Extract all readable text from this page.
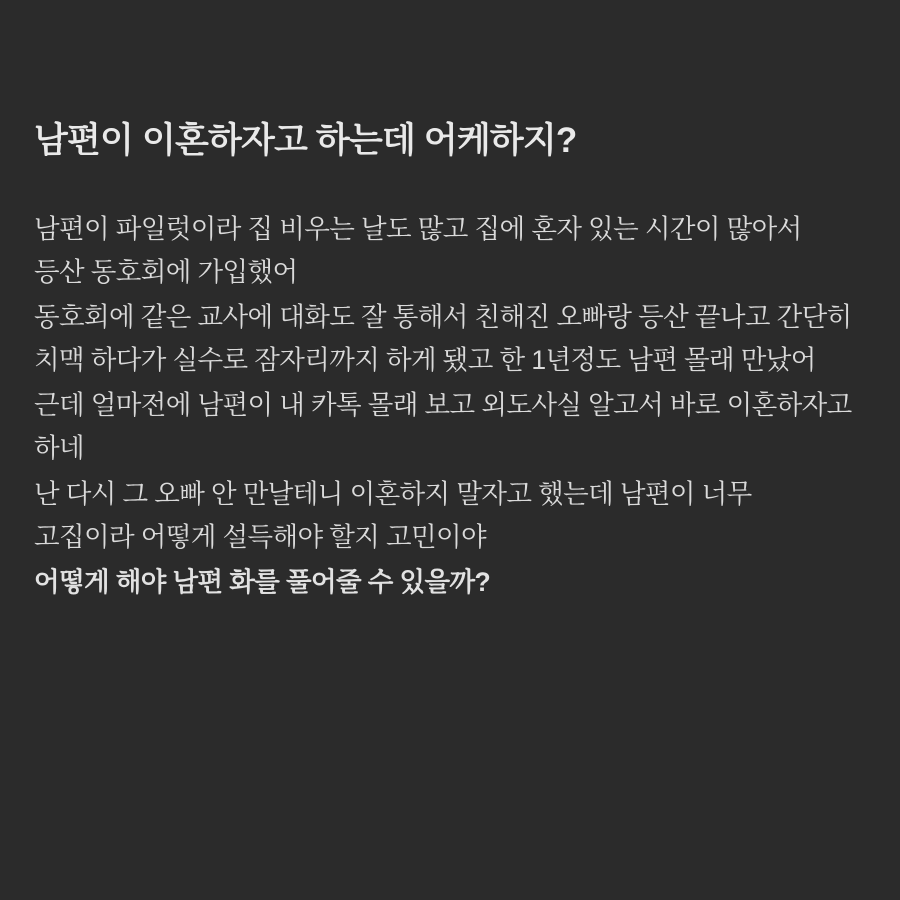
남편이 이혼하자고 하는데 어케하지?

남편이 파일럿이라 집 비우는 날도 많고 집에 혼자 있는 시간이 많아서 등산 동호회에 가입했어

동호회에 같은 교사에 대화도 잘 통해서 친해진 오빠랑 등산 끝나고 간단히 치맥 하다가 실수로 잠자리까지 하게 됐고 한 1년정도 남편 몰래 만났어

근데 얼마전에 남편이 내 카톡 몰래 보고 외도사실 알고서 바로 이혼하자고 하네

난 다시 그 오빠 안 만날테니 이혼하지 말자고 했는데 남편이 너무 고집이라 어떻게 설득해야 할지 고민이야

어떻게 해야 남편 화를 풀어줄 수 있을까?
